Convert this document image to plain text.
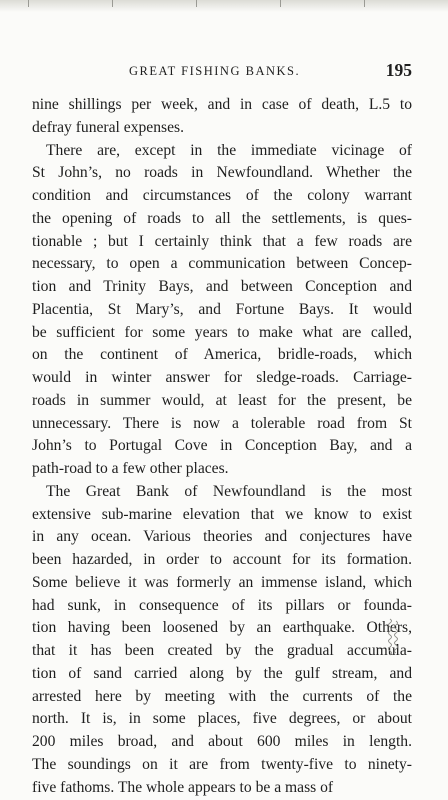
GREAT FISHING BANKS.	195
nine shillings per week, and in case of death, L.5 to
defray funeral expenses.
There are, except in the immediate vicinage of
St John’s, no roads in Newfoundland. Whether the
condition and circumstances of the colony warrant
the opening of roads to all the settlements, is ques-
tionable ; but I certainly think that a few roads are
necessary, to open a communication between Concep-
tion and Trinity Bays, and between Conception and
Placentia, St Mary’s, and Fortune Bays. It would
be sufficient for some years to make what are called,
on the continent of America, bridle-roads, which
would in winter answer for sledge-roads. Carriage-
roads in summer would, at least for the present, be
unnecessary. There is now a tolerable road from St
John’s to Portugal Cove in Conception Bay, and a
path-road to a few other places.
The Great Bank of Newfoundland is the most
extensive sub-marine elevation that we know to exist
in any ocean. Various theories and conjectures have
been hazarded, in order to account for its formation.
Some believe it was formerly an immense island, which
had sunk, in consequence of its pillars or founda-
tion having been loosened by an earthquake. Others,
that it has been created by the gradual accumula-
tion of sand carried along by the gulf stream, and
arrested here by meeting with the currents of the
north. It is, in some places, five degrees, or about
200 miles broad, and about 600 miles in length.
The soundings on it are from twenty-five to ninety-
five fathoms. The whole appears to be a mass of
